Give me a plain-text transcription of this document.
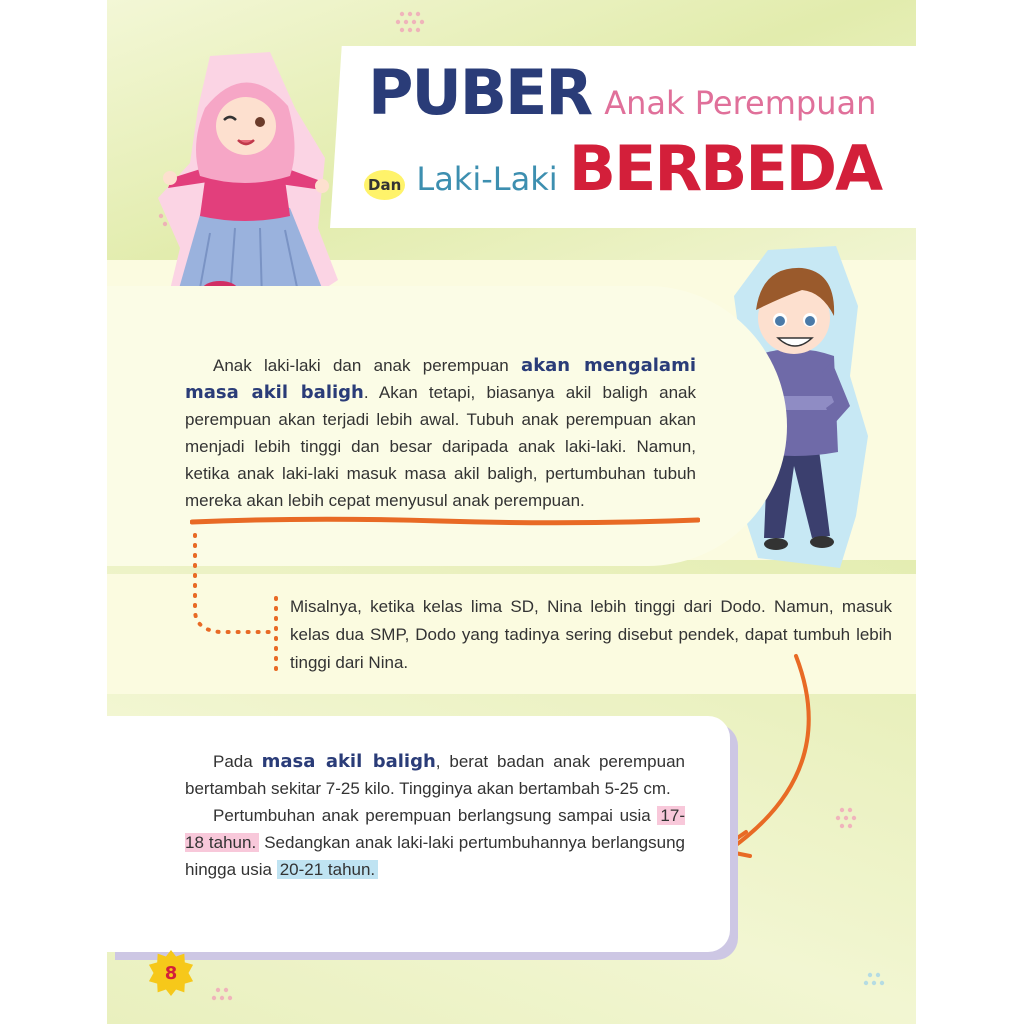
PUBER Anak Perempuan
Dan Laki-Laki BERBEDA

Anak laki-laki dan anak perempuan akan mengalami masa akil baligh. Akan tetapi, biasanya akil baligh anak perempuan akan terjadi lebih awal. Tubuh anak perempuan akan menjadi lebih tinggi dan besar daripada anak laki-laki. Namun, ketika anak laki-laki masuk masa akil baligh, pertumbuhan tubuh mereka akan lebih cepat menyusul anak perempuan.

Misalnya, ketika kelas lima SD, Nina lebih tinggi dari Dodo. Namun, masuk kelas dua SMP, Dodo yang tadinya sering disebut pendek, dapat tumbuh lebih tinggi dari Nina.

Pada masa akil baligh, berat badan anak perempuan bertambah sekitar 7-25 kilo. Tingginya akan bertambah 5-25 cm.

Pertumbuhan anak perempuan berlangsung sampai usia 17-18 tahun. Sedangkan anak laki-laki pertumbuhannya berlangsung hingga usia 20-21 tahun.

8
